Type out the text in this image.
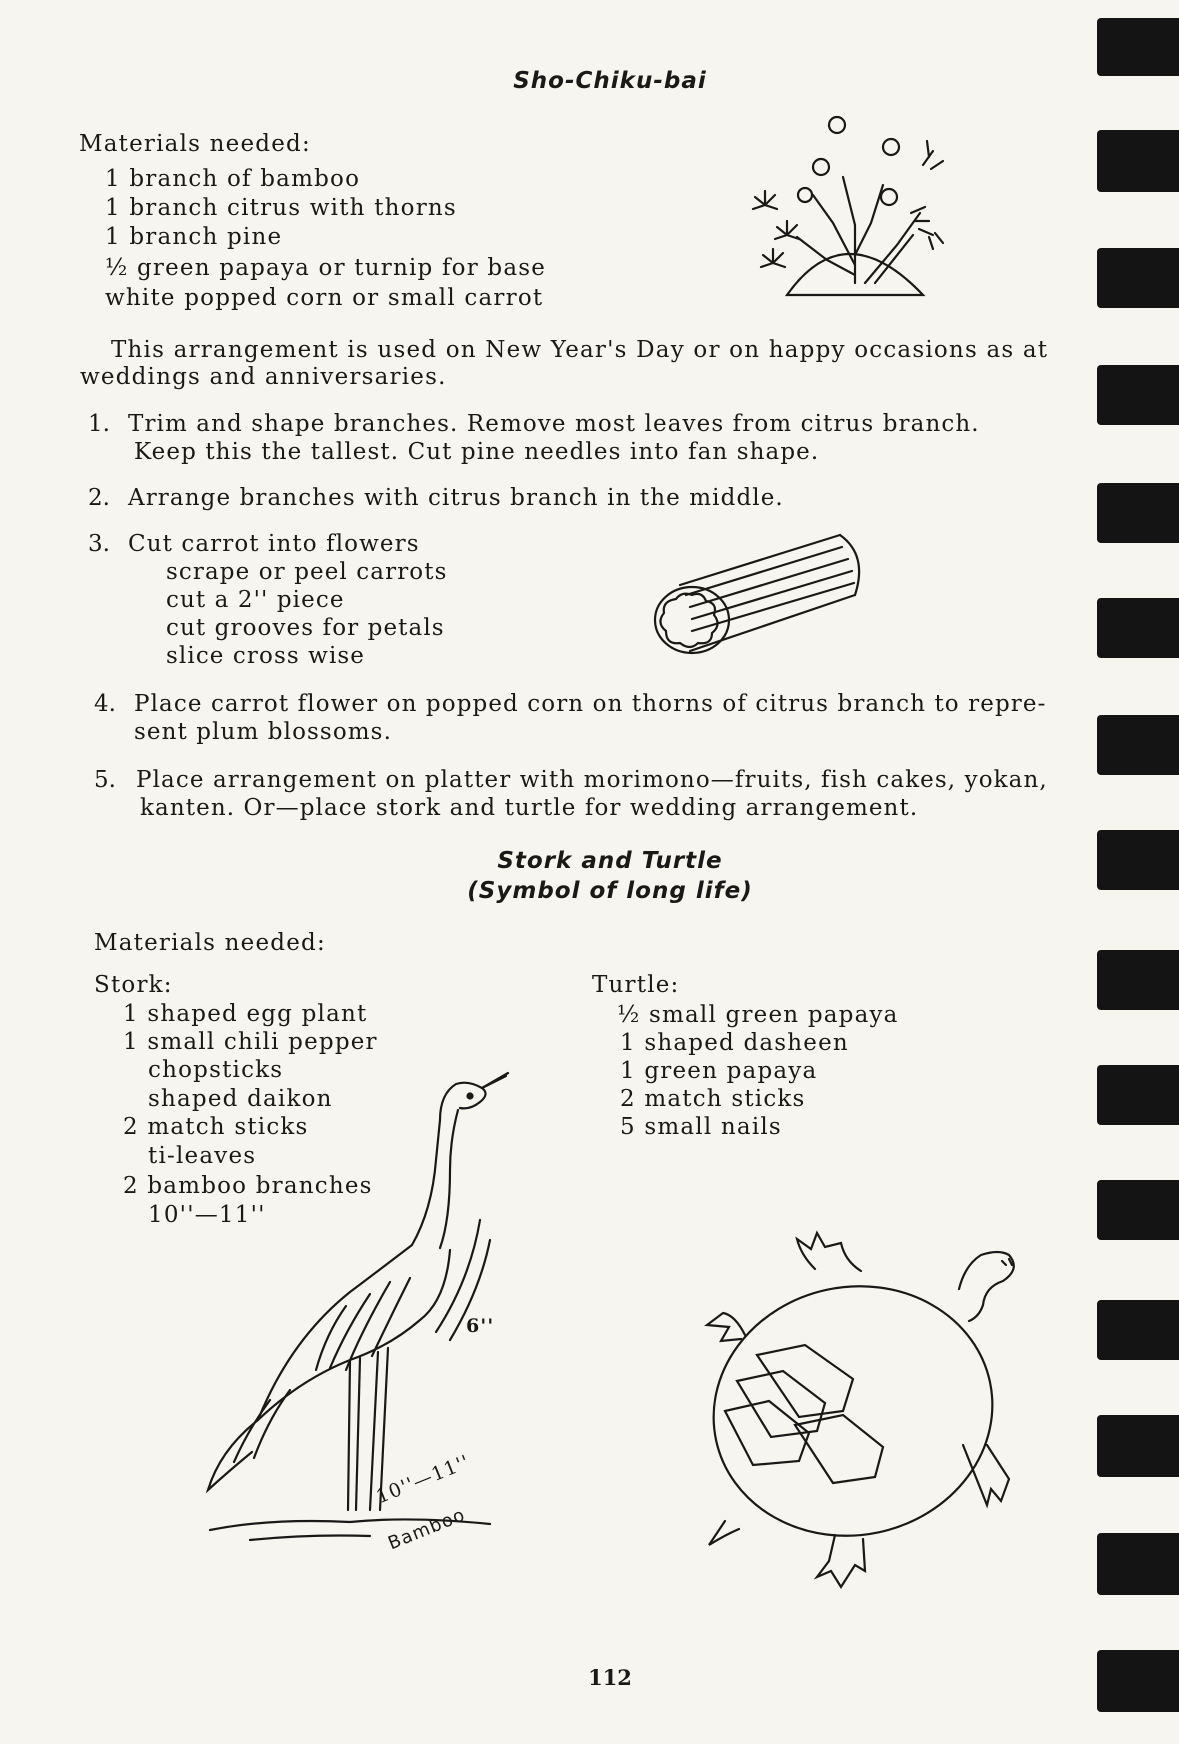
Sho-Chiku-bai
Materials needed:
1 branch of bamboo
1 branch citrus with thorns
1 branch pine
½ green papaya or turnip for base
white popped corn or small carrot
This arrangement is used on New Year's Day or on happy occasions as at weddings and anniversaries.
1. Trim and shape branches. Remove most leaves from citrus branch.
Keep this the tallest. Cut pine needles into fan shape.
2. Arrange branches with citrus branch in the middle.
3. Cut carrot into flowers
scrape or peel carrots
cut a 2'' piece
cut grooves for petals
slice cross wise
4. Place carrot flower on popped corn on thorns of citrus branch to repre-
sent plum blossoms.
5. Place arrangement on platter with morimono—fruits, fish cakes, yokan,
kanten. Or—place stork and turtle for wedding arrangement.
Stork and Turtle
(Symbol of long life)
Materials needed:
Stork:
1 shaped egg plant
1 small chili pepper
chopsticks
shaped daikon
2 match sticks
ti-leaves
2 bamboo branches
10''—11''
Turtle:
½ small green papaya
1 shaped dasheen
1 green papaya
2 match sticks
5 small nails
6''
10''—11''
Bamboo
112
